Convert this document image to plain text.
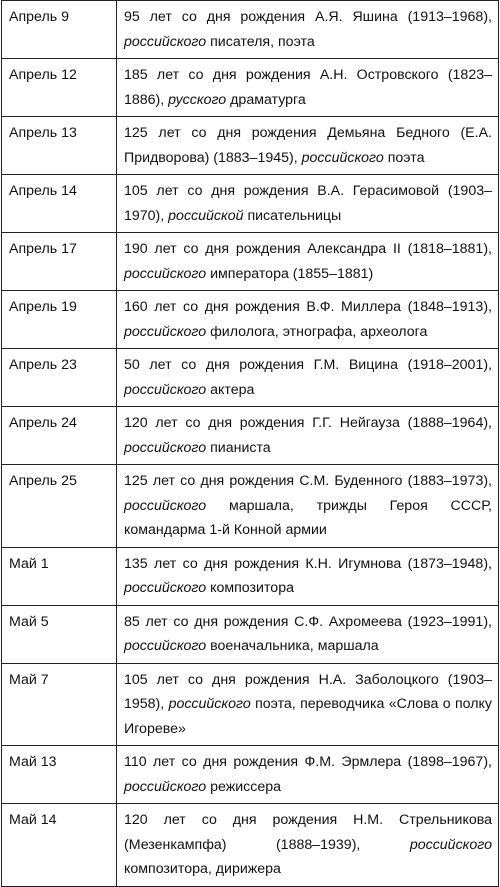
Апрель 9	95 лет со дня рождения А.Я. Яшина (1913–1968), российского писателя, поэта
Апрель 12	185 лет со дня рождения А.Н. Островского (1823–1886), русского драматурга
Апрель 13	125 лет со дня рождения Демьяна Бедного (Е.А. Придворова) (1883–1945), российского поэта
Апрель 14	105 лет со дня рождения В.А. Герасимовой (1903–1970), российской писательницы
Апрель 17	190 лет со дня рождения Александра II (1818–1881), российского императора (1855–1881)
Апрель 19	160 лет со дня рождения В.Ф. Миллера (1848–1913), российского филолога, этнографа, археолога
Апрель 23	50 лет со дня рождения Г.М. Вицина (1918–2001), российского актера
Апрель 24	120 лет со дня рождения Г.Г. Нейгауза (1888–1964), российского пианиста
Апрель 25	125 лет со дня рождения С.М. Буденного (1883–1973), российского маршала, трижды Героя СССР, командарма 1-й Конной армии
Май 1	135 лет со дня рождения К.Н. Игумнова (1873–1948), российского композитора
Май 5	85 лет со дня рождения С.Ф. Ахромеева (1923–1991), российского военачальника, маршала
Май 7	105 лет со дня рождения Н.А. Заболоцкого (1903–1958), российского поэта, переводчика «Слова о полку Игореве»
Май 13	110 лет со дня рождения Ф.М. Эрмлера (1898–1967), российского режиссера
Май 14	120 лет со дня рождения Н.М. Стрельникова (Мезенкампфа) (1888–1939), российского композитора, дирижера
